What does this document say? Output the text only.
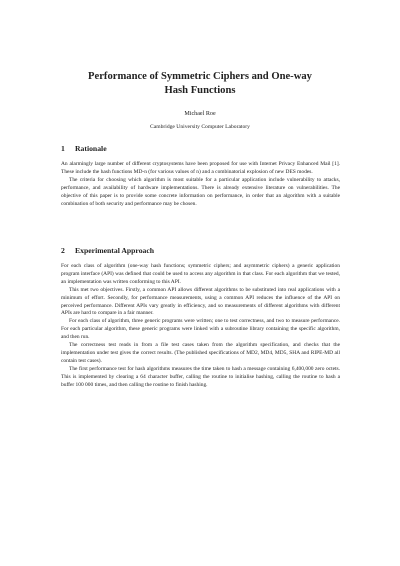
Performance of Symmetric Ciphers and One-way
Hash Functions
Michael Roe
Cambridge University Computer Laboratory
1 Rationale

An alarmingly large number of different cryptosystems have been proposed for use with Internet Privacy Enhanced Mail [1]. These include the hash functions MD-n (for various values of n) and a combinatorial explosion of new DES modes.

The criteria for choosing which algorithm is most suitable for a particular application include vulnerability to attacks, performance, and availability of hardware implementations. There is already extensive literature on vulnerabilities. The objective of this paper is to provide some concrete information on performance, in order that an algorithm with a suitable combination of both security and performance may be chosen.

2 Experimental Approach

For each class of algorithm (one-way hash functions; symmetric ciphers; and asymmetric ciphers) a generic application program interface (API) was defined that could be used to access any algorithm in that class. For each algorithm that we tested, an implementation was written conforming to this API.

This met two objectives. Firstly, a common API allows different algorithms to be substituted into real applications with a minimum of effort. Secondly, for performance measurements, using a common API reduces the influence of the API on perceived performance. Different APIs vary greatly in efficiency, and so measurements of different algorithms with different APIs are hard to compare in a fair manner.

For each class of algorithm, three generic programs were written; one to test correctness, and two to measure performance. For each particular algorithm, these generic programs were linked with a subroutine library containing the specific algorithm, and then run.

The correctness test reads in from a file test cases taken from the algorithm specification, and checks that the implementation under test gives the correct results. (The published specifications of MD2, MD4, MD5, SHA and RIPE-MD all contain test cases).

The first performance test for hash algorithms measures the time taken to hash a message containing 6,400,000 zero octets. This is implemented by clearing a 64 character buffer, calling the routine to initialise hashing, calling the routine to hash a buffer 100 000 times, and then calling the routine to finish hashing.
